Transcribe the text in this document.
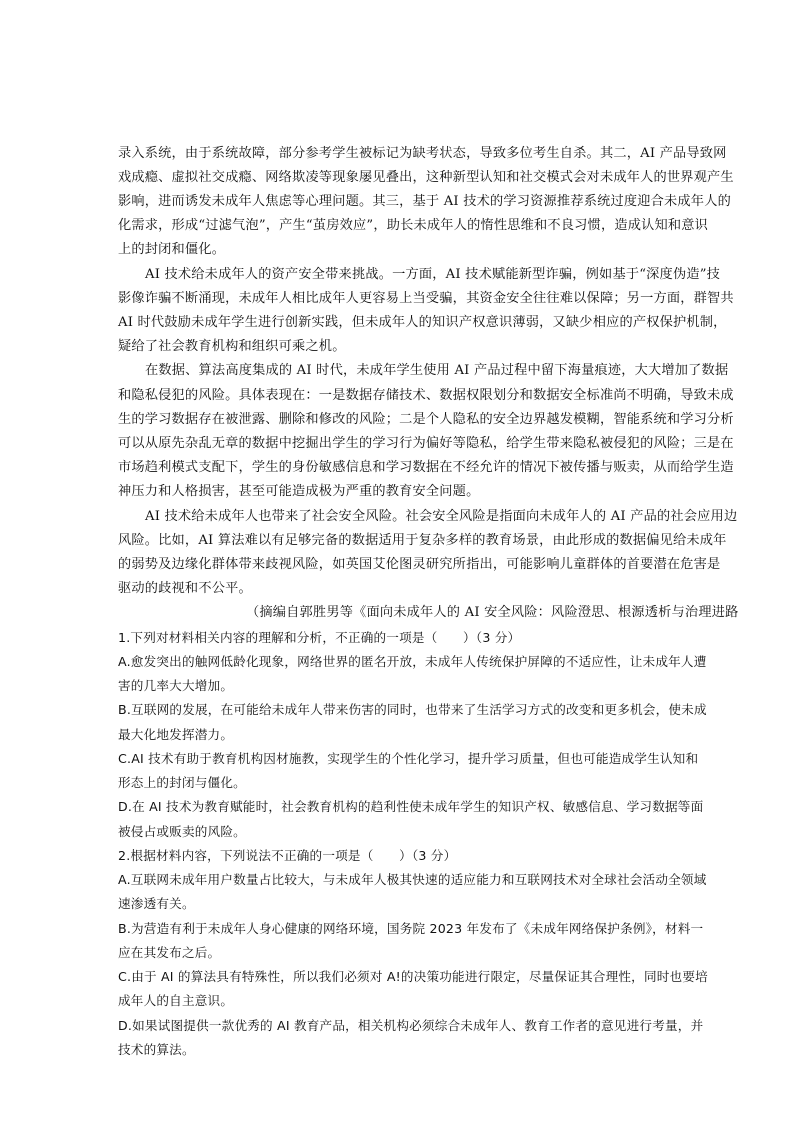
录入系统，由于系统故障，部分参考学生被标记为缺考状态，导致多位考生自杀。其二，AI 产品导致网
戏成瘾、虚拟社交成瘾、网络欺凌等现象屡见叠出，这种新型认知和社交模式会对未成年人的世界观产生
影响，进而诱发未成年人焦虑等心理问题。其三，基于 AI 技术的学习资源推荐系统过度迎合未成年人的
化需求，形成“过滤气泡”，产生“茧房效应”，助长未成年人的惰性思维和不良习惯，造成认知和意识
上的封闭和僵化。
AI 技术给未成年人的资产安全带来挑战。一方面，AI 技术赋能新型诈骗，例如基于“深度伪造”技
影像诈骗不断涌现，未成年人相比成年人更容易上当受骗，其资金安全往往难以保障；另一方面，群智共
AI 时代鼓励未成年学生进行创新实践，但未成年人的知识产权意识薄弱，又缺少相应的产权保护机制，
疑给了社会教育机构和组织可乘之机。
在数据、算法高度集成的 AI 时代，未成年学生使用 AI 产品过程中留下海量痕迹，大大增加了数据
和隐私侵犯的风险。具体表现在：一是数据存储技术、数据权限划分和数据安全标准尚不明确，导致未成
生的学习数据存在被泄露、删除和修改的风险；二是个人隐私的安全边界越发模糊，智能系统和学习分析
可以从原先杂乱无章的数据中挖掘出学生的学习行为偏好等隐私，给学生带来隐私被侵犯的风险；三是在
市场趋利模式支配下，学生的身份敏感信息和学习数据在不经允许的情况下被传播与贩卖，从而给学生造
神压力和人格损害，甚至可能造成极为严重的教育安全问题。
AI 技术给未成年人也带来了社会安全风险。社会安全风险是指面向未成年人的 AI 产品的社会应用边
风险。比如，AI 算法难以有足够完备的数据适用于复杂多样的教育场景，由此形成的数据偏见给未成年
的弱势及边缘化群体带来歧视风险，如英国艾伦图灵研究所指出，可能影响儿童群体的首要潜在危害是
驱动的歧视和不公平。
（摘编自郭胜男等《面向未成年人的 AI 安全风险：风险澄思、根源透析与治理进路
1.下列对材料相关内容的理解和分析，不正确的一项是（　　）（3 分）
A.愈发突出的触网低龄化现象，网络世界的匿名开放，未成年人传统保护屏障的不适应性，让未成年人遭
害的几率大大增加。
B.互联网的发展，在可能给未成年人带来伤害的同时，也带来了生活学习方式的改变和更多机会，使未成
最大化地发挥潜力。
C.AI 技术有助于教育机构因材施教，实现学生的个性化学习，提升学习质量，但也可能造成学生认知和
形态上的封闭与僵化。
D.在 AI 技术为教育赋能时，社会教育机构的趋利性使未成年学生的知识产权、敏感信息、学习数据等面
被侵占或贩卖的风险。
2.根据材料内容，下列说法不正确的一项是（　　）（3 分）
A.互联网未成年用户数量占比较大，与未成年人极其快速的适应能力和互联网技术对全球社会活动全领域
速渗透有关。
B.为营造有利于未成年人身心健康的网络环境，国务院 2023 年发布了《未成年网络保护条例》，材料一
应在其发布之后。
C.由于 AI 的算法具有特殊性，所以我们必须对 A!的决策功能进行限定，尽量保证其合理性，同时也要培
成年人的自主意识。
D.如果试图提供一款优秀的 AI 教育产品，相关机构必须综合未成年人、教育工作者的意见进行考量，并
技术的算法。
